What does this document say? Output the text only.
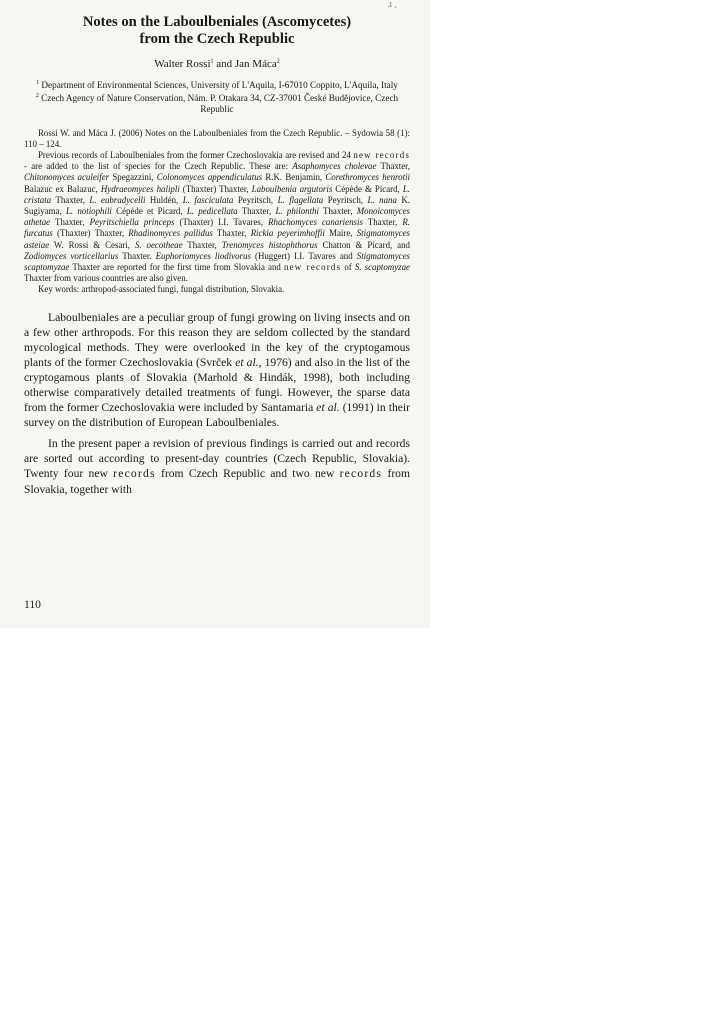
ɹ ,
Notes on the Laboulbeniales (Ascomycetes)
from the Czech Republic
Walter Rossi$^1$ and Jan Máca$^2$
$^1$ Department of Environmental Sciences, University of L'Aquila, I-67010 Coppito, L'Aquila, Italy
$^2$ Czech Agency of Nature Conservation, Nám. P. Otakara 34, CZ-37001 České Budějovice, Czech Republic

Rossi W. and Máca J. (2006) Notes on the Laboulbeniales from the Czech Republic. – Sydowia 58 (1): 110 – 124.

Previous records of Laboulbeniales from the former Czechoslovakia are revised and 24 new records - are added to the list of species for the Czech Republic. These are: Asaphomyces cholevae Thaxter, Chitonomyces aculeifer Spegazzini, Colonomyces appendiculatus R.K. Benjamin, Corethromyces henrotii Balazuc ex Balazuc, Hydraeomyces halipli (Thaxter) Thaxter, Laboulbenia argutoris Cépède & Picard, L. cristata Thaxter, L. eubradycelli Huldén, L. fasciculata Peyritsch, L. flagellata Peyritsch, L. nana K. Sugiyama, L. notiophili Cépède et Picard, L. pedicellata Thaxter, L. philonthi Thaxter, Monoicomyces athetae Thaxter, Peyritschiella princeps (Thaxter) I.I. Tavares, Rhachomyces canariensis Thaxter, R. furcatus (Thaxter) Thaxter, Rhadinomyces pallidus Thaxter, Rickia peyerimhoffii Maire, Stigmatomyces asteiae W. Rossi & Cesari, S. oecotheae Thaxter, Trenomyces histophthorus Chatton & Picard, and Zodiomyces vorticellarius Thaxter. Euphoriomyces liodivorus (Huggert) I.I. Tavares and Stigmatomyces scaptomyzae Thaxter are reported for the first time from Slovakia and new records of S. scaptomyzae Thaxter from various countries are also given.

Key words: arthropod-associated fungi, fungal distribution, Slovakia.

Laboulbeniales are a peculiar group of fungi growing on living insects and on a few other arthropods. For this reason they are seldom collected by the standard mycological methods. They were overlooked in the key of the cryptogamous plants of the former Czechoslovakia (Svrček et al., 1976) and also in the list of the cryptogamous plants of Slovakia (Marhold & Hindák, 1998), both including otherwise comparatively detailed treatments of fungi. However, the sparse data from the former Czechoslovakia were included by Santamaria et al. (1991) in their survey on the distribution of European Laboulbeniales.

In the present paper a revision of previous findings is carried out and records are sorted out according to present-day countries (Czech Republic, Slovakia). Twenty four new records from Czech Republic and two new records from Slovakia, together with

110
